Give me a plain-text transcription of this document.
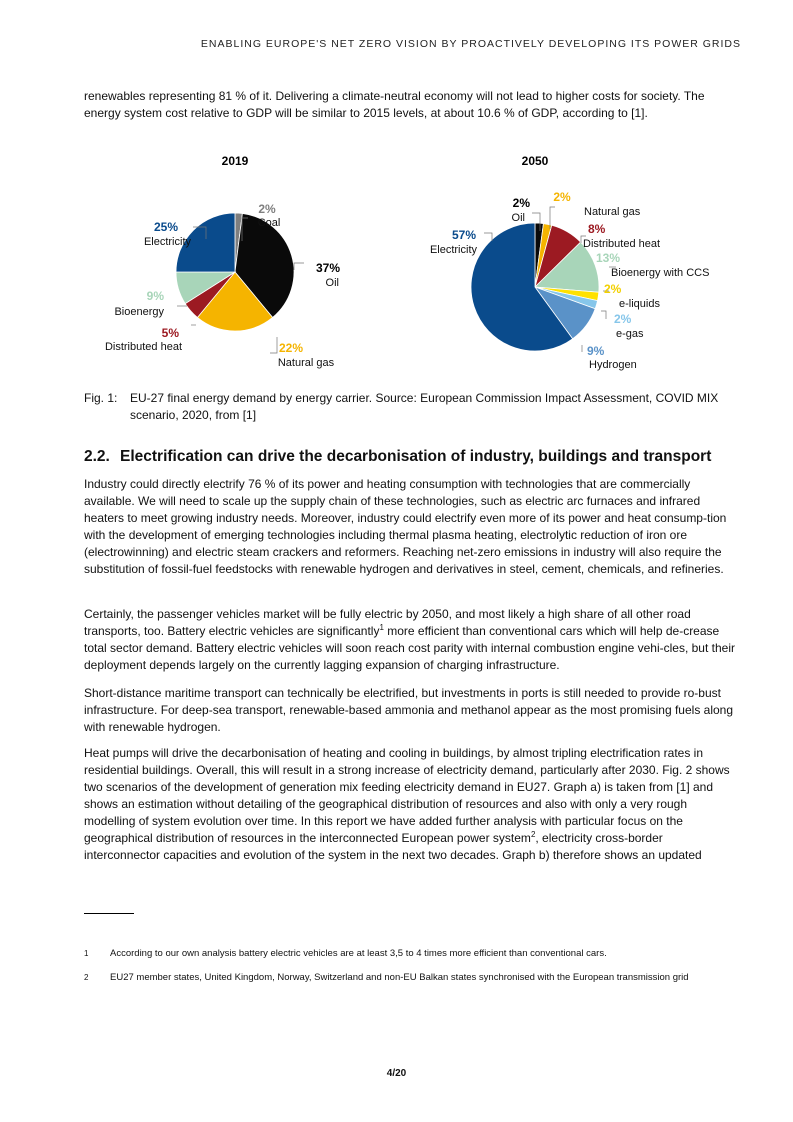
ENABLING EUROPE'S NET ZERO VISION BY PROACTIVELY DEVELOPING ITS POWER GRIDS

renewables representing 81 % of it. Delivering a climate-neutral economy will not lead to higher costs for society. The energy system cost relative to GDP will be similar to 2015 levels, at about 10.6 % of GDP, according to [1].

2019	2050
2%
Coal
37%
Oil
22%
Natural gas
5%
Distributed heat
9%
Bioenergy
25%
Electricity
2%
Oil
2%
Natural gas
8%
Distributed heat
13%
Bioenergy with CCS
2%
e-liquids
2%
e-gas
9%
Hydrogen
57%
Electricity
Fig. 1: EU-27 final energy demand by energy carrier. Source: European Commission Impact Assessment, COVID MIX scenario, 2020, from [1]
2.2. Electrification can drive the decarbonisation of industry, buildings and transport

Industry could directly electrify 76 % of its power and heating consumption with technologies that are commercially available. We will need to scale up the supply chain of these technologies, such as electric arc furnaces and infrared heaters to meet growing industry needs. Moreover, industry could electrify even more of its power and heat consump-tion with the development of emerging technologies including thermal plasma heating, electrolytic reduction of iron ore (electrowinning) and electric steam crackers and reformers. Reaching net-zero emissions in industry will also require the substitution of fossil-fuel feedstocks with renewable hydrogen and derivatives in steel, cement, chemicals, and refineries.

Certainly, the passenger vehicles market will be fully electric by 2050, and most likely a high share of all other road transports, too. Battery electric vehicles are significantly$^1$ more efficient than conventional cars which will help de-crease total sector demand. Battery electric vehicles will soon reach cost parity with internal combustion engine vehi-cles, but their deployment depends largely on the currently lagging expansion of charging infrastructure.

Short-distance maritime transport can technically be electrified, but investments in ports is still needed to provide ro-bust infrastructure. For deep-sea transport, renewable-based ammonia and methanol appear as the most promising fuels along with renewable hydrogen.

Heat pumps will drive the decarbonisation of heating and cooling in buildings, by almost tripling electrification rates in residential buildings. Overall, this will result in a strong increase of electricity demand, particularly after 2030. Fig. 2 shows two scenarios of the development of generation mix feeding electricity demand in EU27. Graph a) is taken from [1] and shows an estimation without detailing of the geographical distribution of resources and also with only a very rough modelling of system evolution over time. In this report we have added further analysis with particular focus on the geographical distribution of resources in the interconnected European power system$^2$, electricity cross-border interconnector capacities and evolution of the system in the next two decades. Graph b) therefore shows an updated

1 According to our own analysis battery electric vehicles are at least 3,5 to 4 times more efficient than conventional cars.
2 EU27 member states, United Kingdom, Norway, Switzerland and non-EU Balkan states synchronised with the European transmission grid
4/20
